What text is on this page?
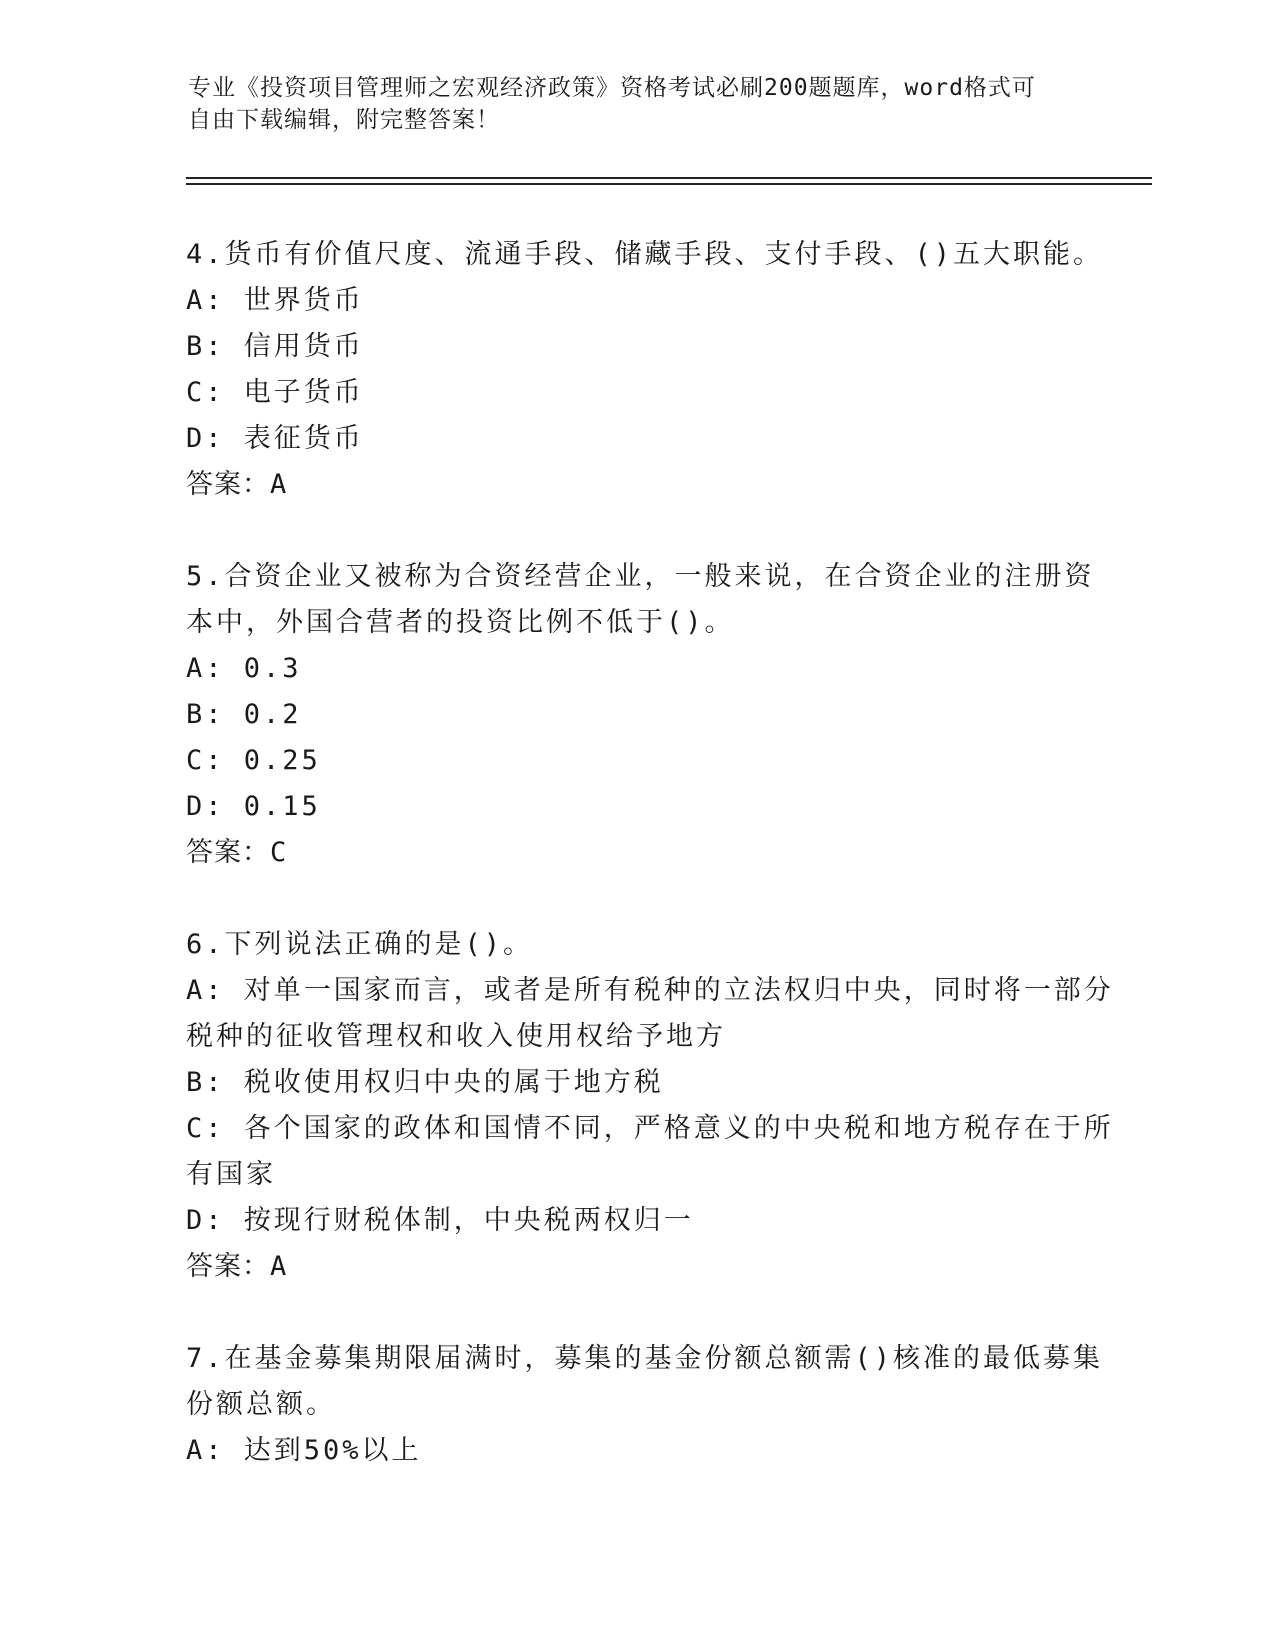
专业《投资项目管理师之宏观经济政策》资格考试必刷200题题库，word格式可
自由下载编辑，附完整答案！
4.货币有价值尺度、流通手段、储藏手段、支付手段、()五大职能。
A: 世界货币
B: 信用货币
C: 电子货币
D: 表征货币
答案：A
5.合资企业又被称为合资经营企业，一般来说，在合资企业的注册资
本中，外国合营者的投资比例不低于()。
A: 0.3
B: 0.2
C: 0.25
D: 0.15
答案：C
6.下列说法正确的是()。
A: 对单一国家而言，或者是所有税种的立法权归中央，同时将一部分
税种的征收管理权和收入使用权给予地方
B: 税收使用权归中央的属于地方税
C: 各个国家的政体和国情不同，严格意义的中央税和地方税存在于所
有国家
D: 按现行财税体制，中央税两权归一
答案：A
7.在基金募集期限届满时，募集的基金份额总额需()核准的最低募集
份额总额。
A: 达到50%以上
